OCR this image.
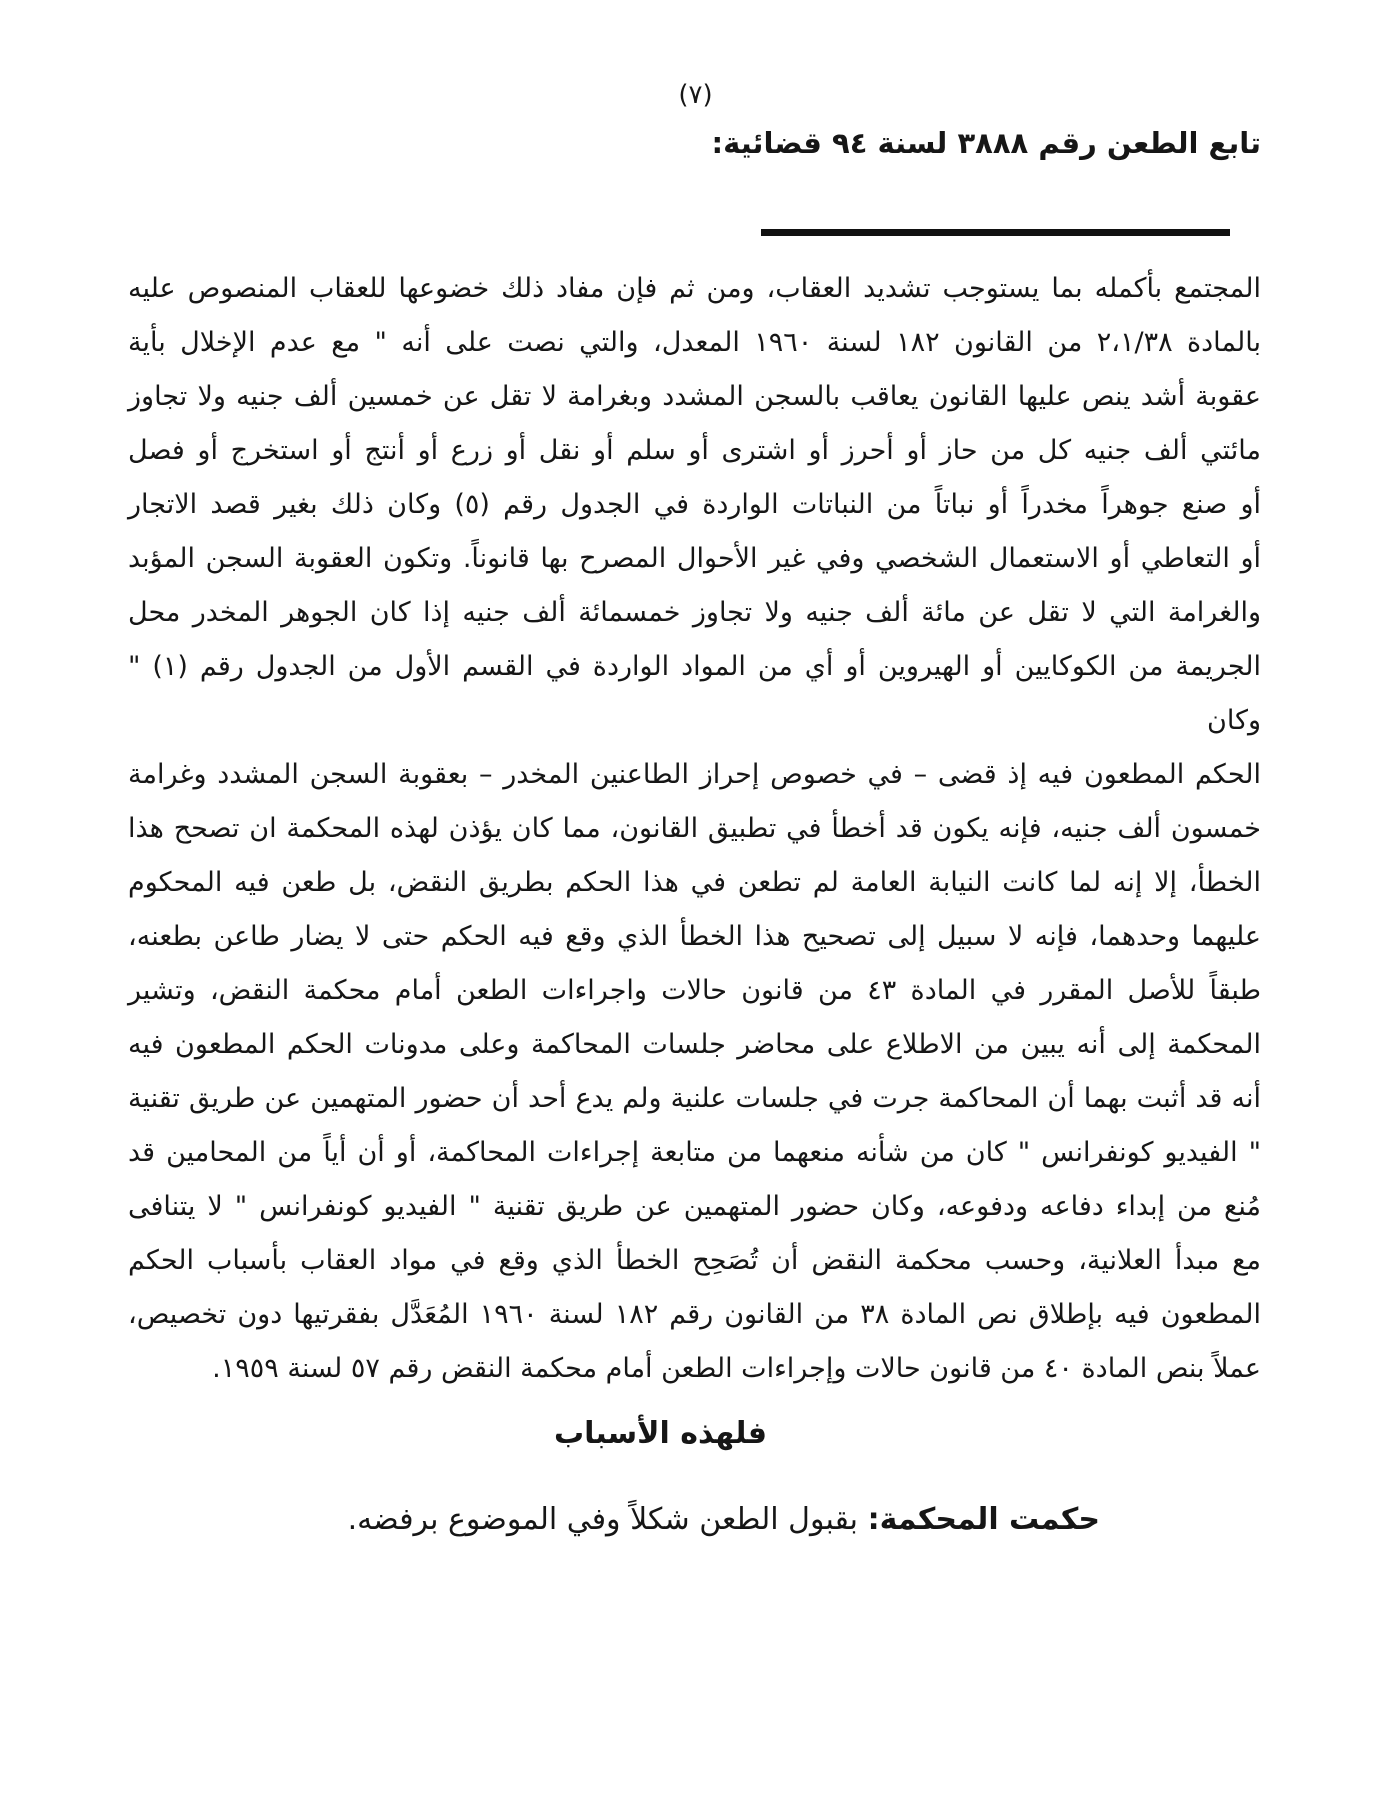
(٧)
تابع الطعن رقم ٣٨٨٨ لسنة ٩٤ قضائية:
المجتمع بأكمله بما يستوجب تشديد العقاب، ومن ثم فإن مفاد ذلك خضوعها للعقاب المنصوص عليه
بالمادة ٢،١/٣٨ من القانون ١٨٢ لسنة ١٩٦٠ المعدل، والتي نصت على أنه " مع عدم الإخلال بأية
عقوبة أشد ينص عليها القانون يعاقب بالسجن المشدد وبغرامة لا تقل عن خمسين ألف جنيه ولا تجاوز
مائتي ألف جنيه كل من حاز أو أحرز أو اشترى أو سلم أو نقل أو زرع أو أنتج أو استخرج أو فصل
أو صنع جوهراً مخدراً أو نباتاً من النباتات الواردة في الجدول رقم (٥) وكان ذلك بغير قصد الاتجار
أو التعاطي أو الاستعمال الشخصي وفي غير الأحوال المصرح بها قانوناً. وتكون العقوبة السجن المؤبد
والغرامة التي لا تقل عن مائة ألف جنيه ولا تجاوز خمسمائة ألف جنيه إذا كان الجوهر المخدر محل
الجريمة من الكوكايين أو الهيروين أو أي من المواد الواردة في القسم الأول من الجدول رقم (١) " وكان
الحكم المطعون فيه إذ قضى – في خصوص إحراز الطاعنين المخدر – بعقوبة السجن المشدد وغرامة
خمسون ألف جنيه، فإنه يكون قد أخطأ في تطبيق القانون، مما كان يؤذن لهذه المحكمة ان تصحح هذا
الخطأ، إلا إنه لما كانت النيابة العامة لم تطعن في هذا الحكم بطريق النقض، بل طعن فيه المحكوم
عليهما وحدهما، فإنه لا سبيل إلى تصحيح هذا الخطأ الذي وقع فيه الحكم حتى لا يضار طاعن بطعنه،
طبقاً للأصل المقرر في المادة ٤٣ من قانون حالات واجراءات الطعن أمام محكمة النقض، وتشير
المحكمة إلى أنه يبين من الاطلاع على محاضر جلسات المحاكمة وعلى مدونات الحكم المطعون فيه
أنه قد أثبت بهما أن المحاكمة جرت في جلسات علنية ولم يدع أحد أن حضور المتهمين عن طريق تقنية
" الفيديو كونفرانس " كان من شأنه منعهما من متابعة إجراءات المحاكمة، أو أن أياً من المحامين قد
مُنع من إبداء دفاعه ودفوعه، وكان حضور المتهمين عن طريق تقنية " الفيديو كونفرانس " لا يتنافى
مع مبدأ العلانية، وحسب محكمة النقض أن تُصَحِح الخطأ الذي وقع في مواد العقاب بأسباب الحكم
المطعون فيه بإطلاق نص المادة ٣٨ من القانون رقم ١٨٢ لسنة ١٩٦٠ المُعَدَّل بفقرتيها دون تخصيص،
عملاً بنص المادة ٤٠ من قانون حالات وإجراءات الطعن أمام محكمة النقض رقم ٥٧ لسنة ١٩٥٩.
فلهذه الأسباب
حكمت المحكمة: بقبول الطعن شكلاً وفي الموضوع برفضه.
